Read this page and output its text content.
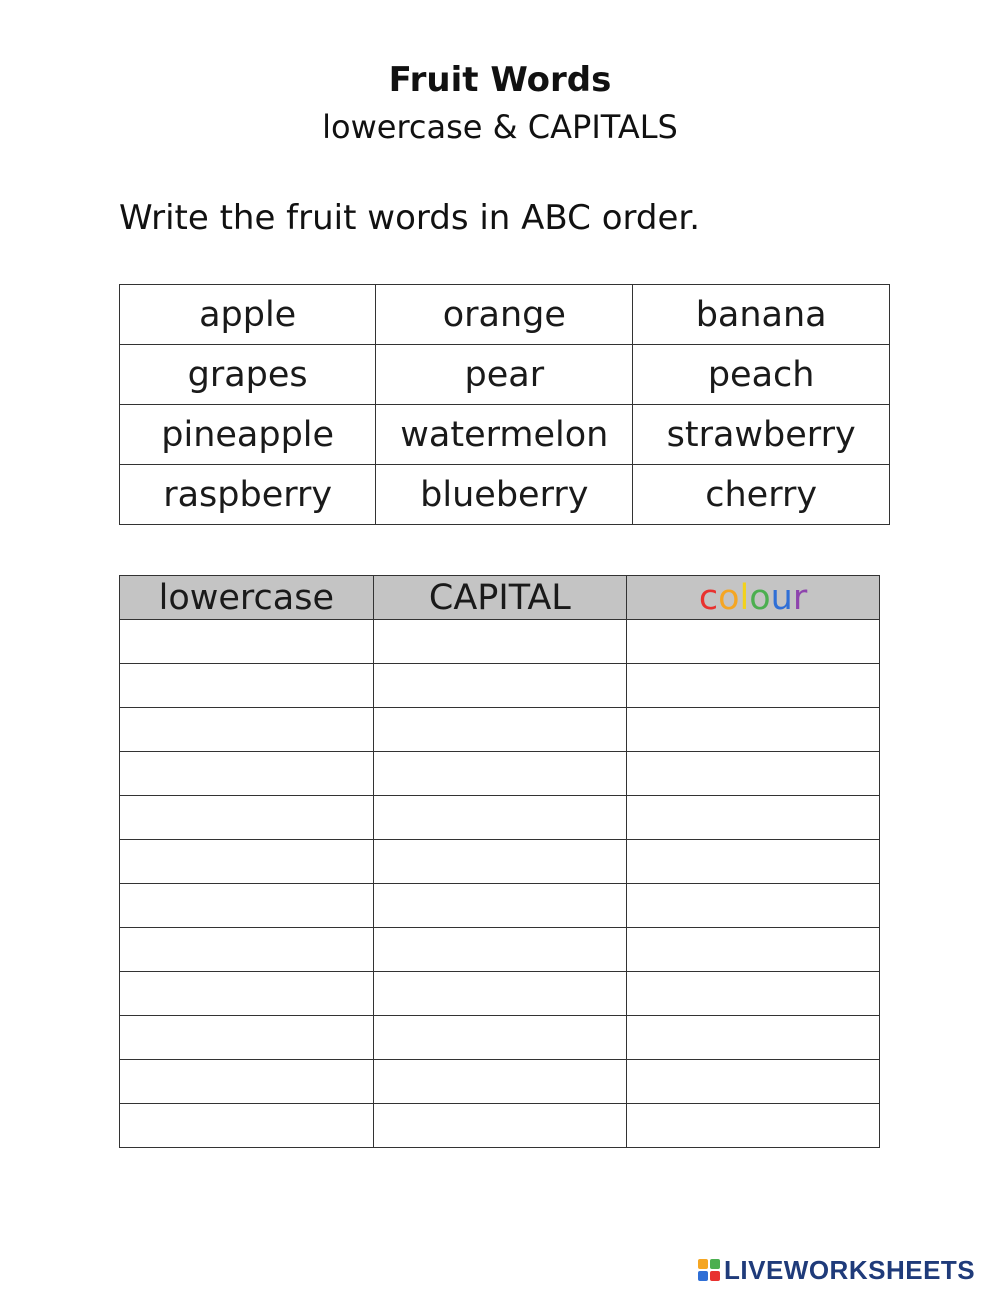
Fruit Words
lowercase & CAPITALS
Write the fruit words in ABC order.
apple	orange	banana
grapes	pear	peach
pineapple	watermelon	strawberry
raspberry	blueberry	cherry
lowercase	CAPITAL	colour

LIVEWORKSHEETS
